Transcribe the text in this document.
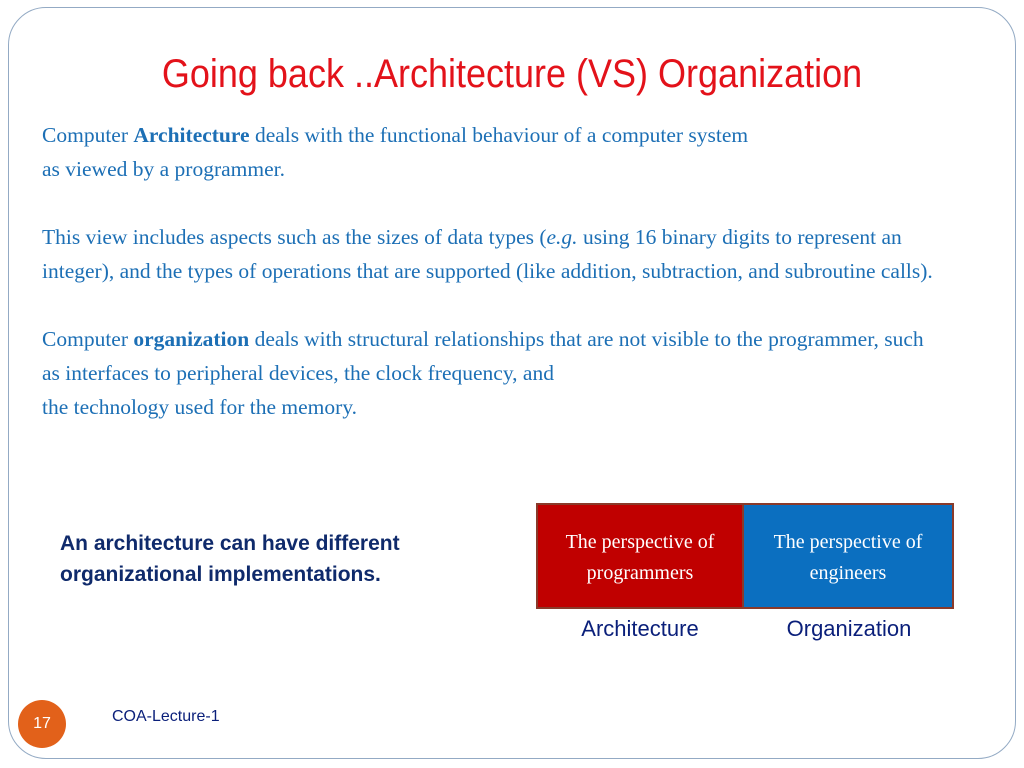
Going back ..Architecture (VS) Organization

Computer Architecture deals with the functional behaviour of a computer system
as viewed by a programmer.

This view includes aspects such as the sizes of data types (e.g. using 16 binary digits to represent an integer), and the types of operations that are supported (like addition, subtraction, and subroutine calls).

Computer organization deals with structural relationships that are not visible to the programmer, such as interfaces to peripheral devices, the clock frequency, and
the technology used for the memory.

An architecture can have different organizational implementations.
The perspective of programmers
The perspective of engineers
Architecture	Organization
17	COA-Lecture-1
